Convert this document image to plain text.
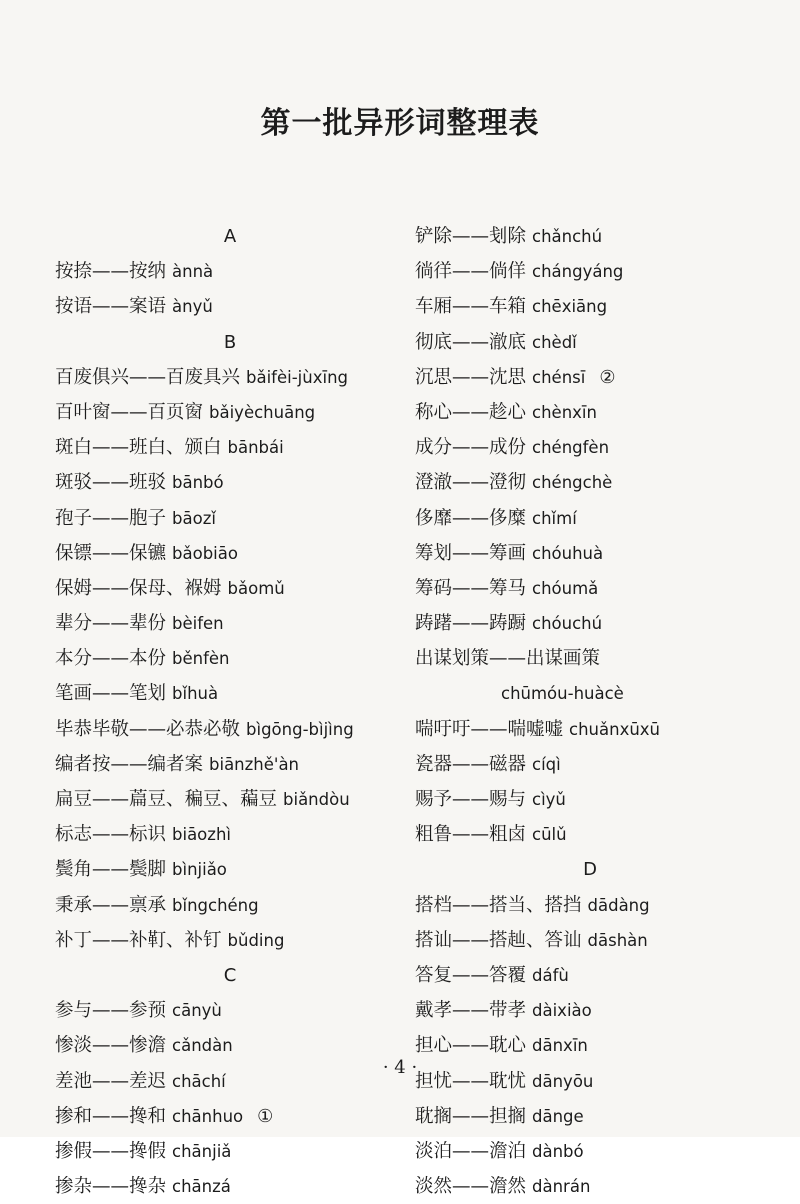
第一批异形词整理表
A
按捺——按纳 ànnà
按语——案语 ànyǔ
B
百废俱兴——百废具兴 bǎifèi-jùxīng
百叶窗——百页窗 bǎiyèchuāng
斑白——班白、颁白 bānbái
斑驳——班驳 bānbó
孢子——胞子 bāozǐ
保镖——保镳 bǎobiāo
保姆——保母、褓姆 bǎomǔ
辈分——辈份 bèifen
本分——本份 běnfèn
笔画——笔划 bǐhuà
毕恭毕敬——必恭必敬 bìgōng-bìjìng
编者按——编者案 biānzhě'àn
扁豆——萹豆、稨豆、藊豆 biǎndòu
标志——标识 biāozhì
鬓角——鬓脚 bìnjiǎo
秉承——禀承 bǐngchéng
补丁——补靪、补钉 bǔding
C
参与——参预 cānyù
惨淡——惨澹 cǎndàn
差池——差迟 chāchí
掺和——搀和 chānhuo ①
掺假——搀假 chānjiǎ
掺杂——搀杂 chānzá
铲除——刬除 chǎnchú
徜徉——倘佯 chángyáng
车厢——车箱 chēxiāng
彻底——澈底 chèdǐ
沉思——沈思 chénsī ②
称心——趁心 chènxīn
成分——成份 chéngfèn
澄澈——澄彻 chéngchè
侈靡——侈糜 chǐmí
筹划——筹画 chóuhuà
筹码——筹马 chóumǎ
踌躇——踌蹰 chóuchú
出谋划策——出谋画策
chūmóu-huàcè
喘吁吁——喘嘘嘘 chuǎnxūxū
瓷器——磁器 cíqì
赐予——赐与 cìyǔ
粗鲁——粗卤 cūlǔ
D
搭档——搭当、搭挡 dādàng
搭讪——搭赸、答讪 dāshàn
答复——答覆 dáfù
戴孝——带孝 dàixiào
担心——耽心 dānxīn
担忧——耽忧 dānyōu
耽搁——担搁 dānge
淡泊——澹泊 dànbó
淡然——澹然 dànrán
· 4 ·
